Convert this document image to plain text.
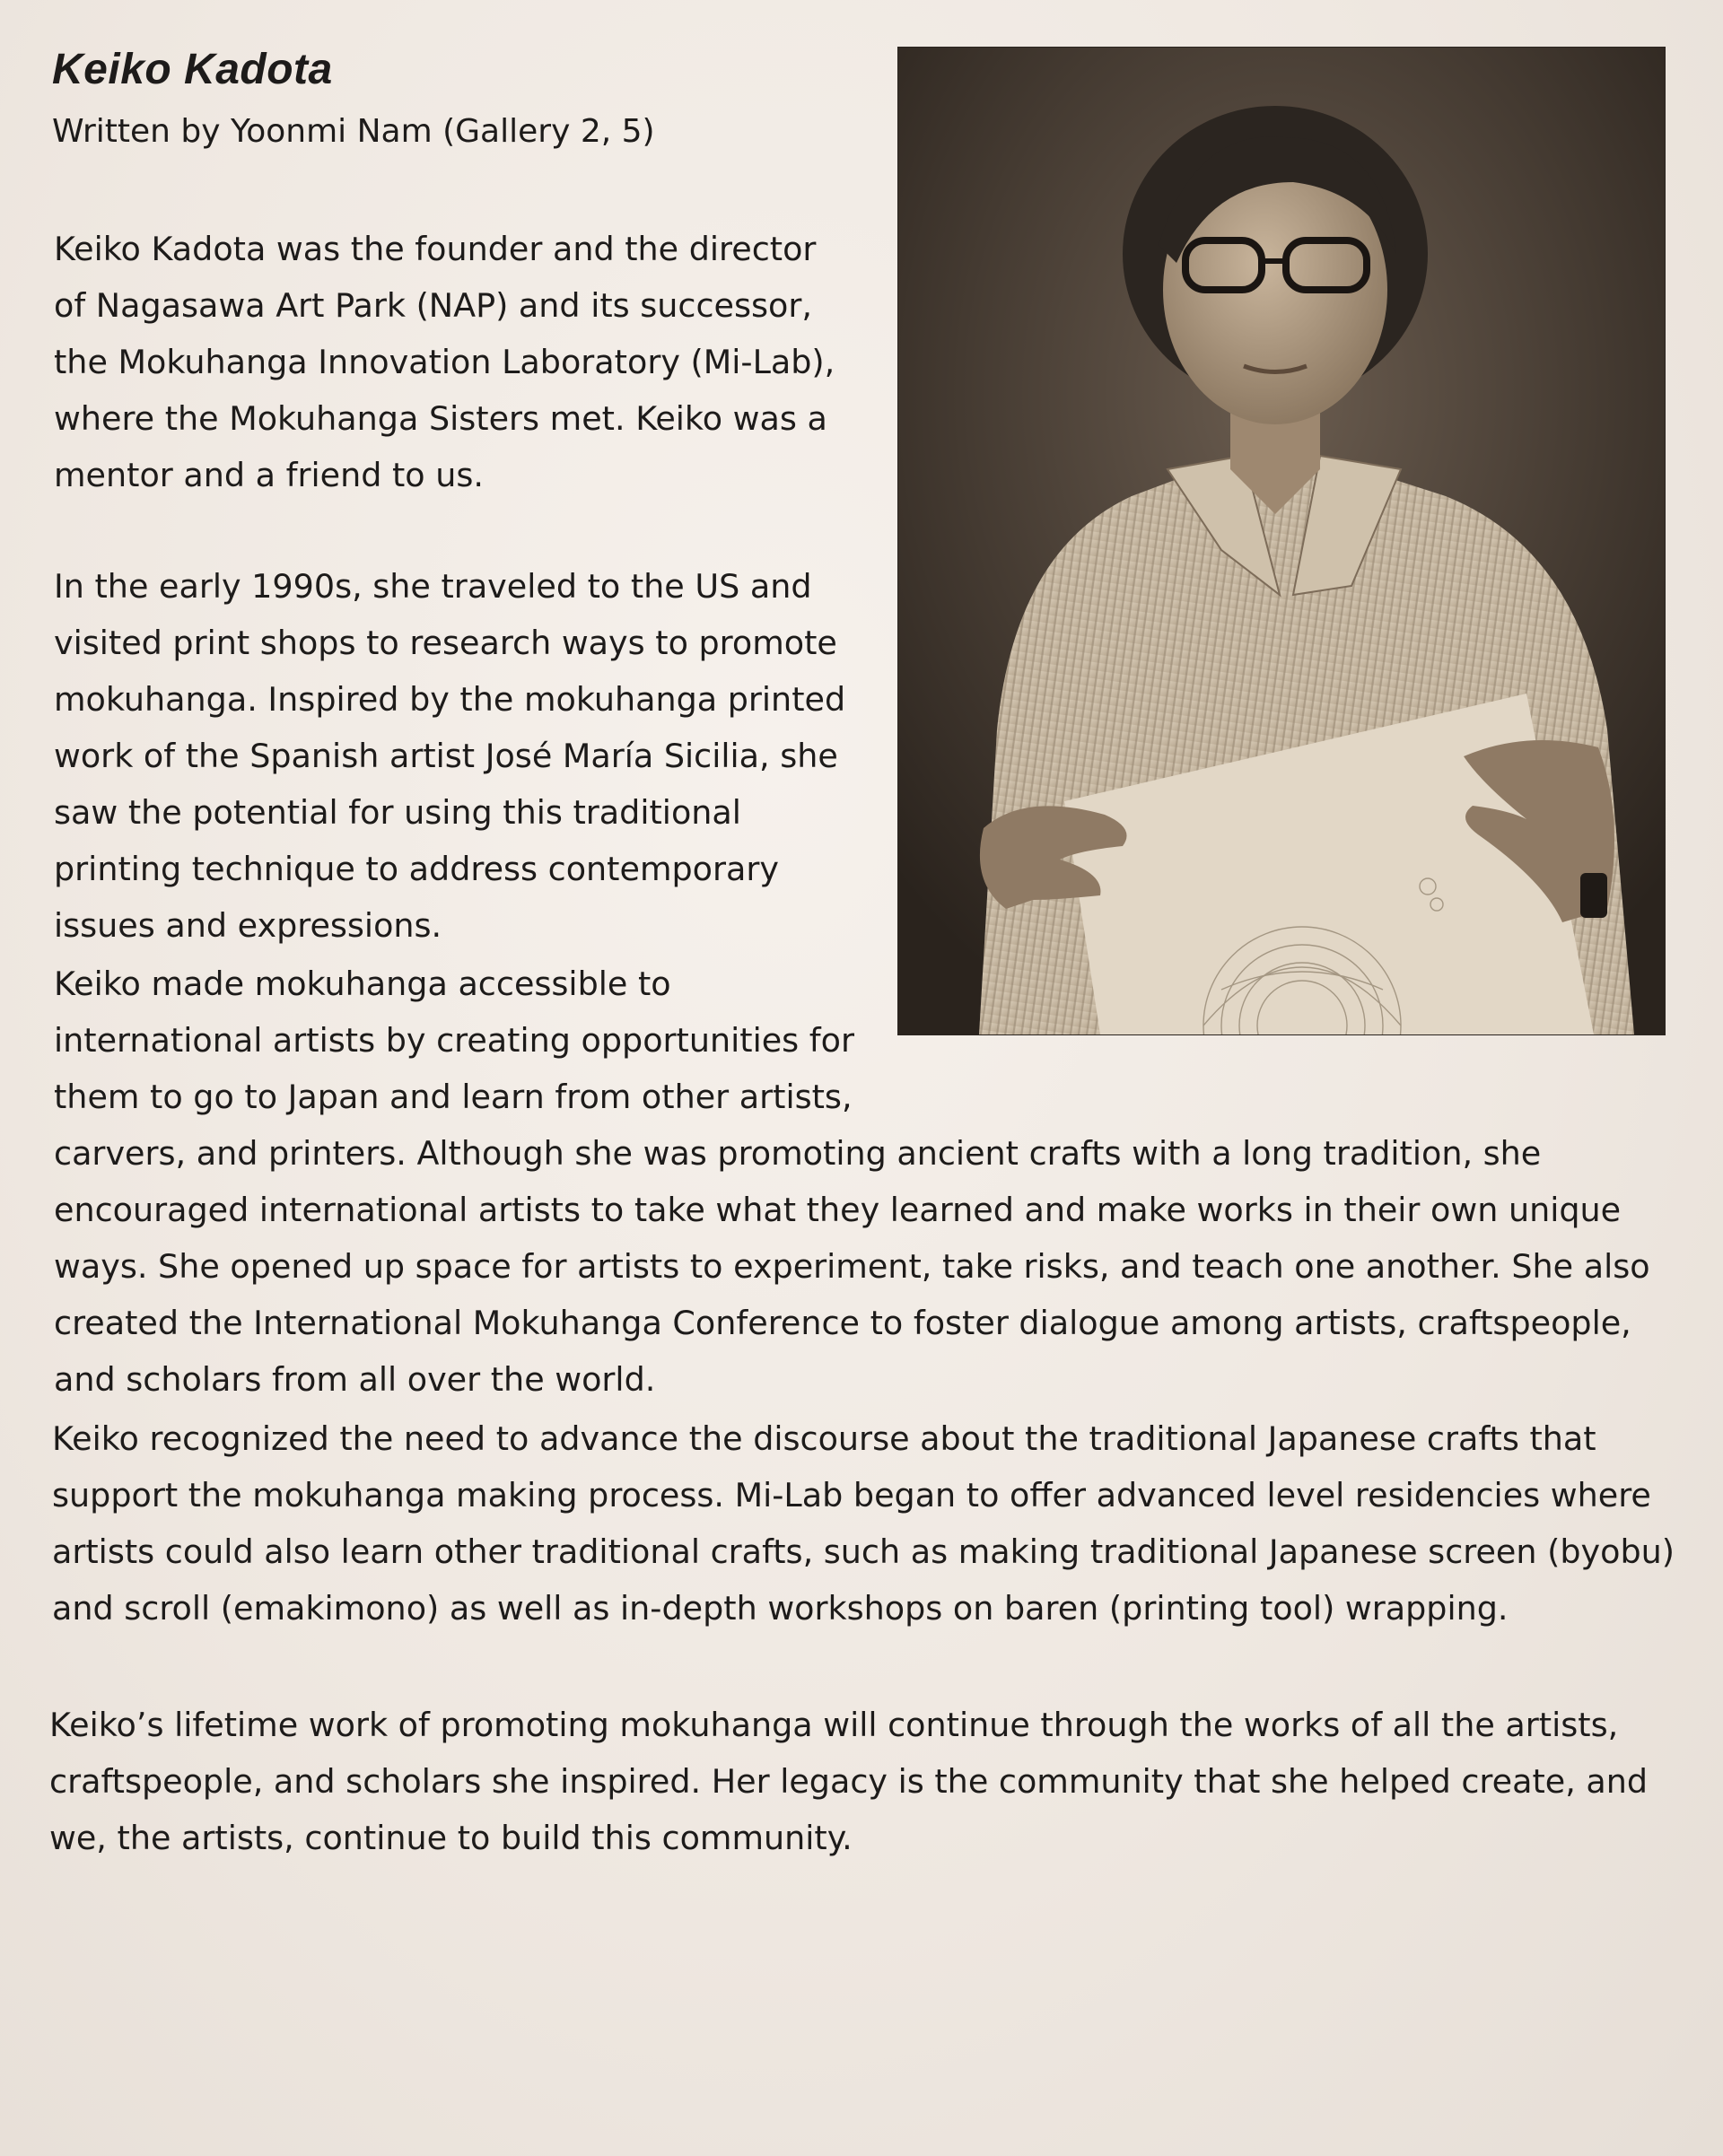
Keiko Kadota

Written by Yoonmi Nam (Gallery 2, 5)

Keiko Kadota was the founder and the director of Nagasawa Art Park (NAP) and its successor, the Mokuhanga Innovation Laboratory (Mi-Lab), where the Mokuhanga Sisters met. Keiko was a mentor and a friend to us.

In the early 1990s, she traveled to the US and visited print shops to research ways to promote mokuhanga. Inspired by the mokuhanga printed work of the Spanish artist José María Sicilia, she saw the potential for using this traditional printing technique to address contemporary issues and expressions.

Keiko made mokuhanga accessible to international artists by creating opportunities for them to go to Japan and learn from other artists,

carvers, and printers. Although she was promoting ancient crafts with a long tradition, she encouraged international artists to take what they learned and make works in their own unique ways. She opened up space for artists to experiment, take risks, and teach one another. She also created the International Mokuhanga Conference to foster dialogue among artists, craftspeople, and scholars from all over the world.

Keiko recognized the need to advance the discourse about the traditional Japanese crafts that support the mokuhanga making process. Mi-Lab began to offer advanced level residencies where artists could also learn other traditional crafts, such as making traditional Japanese screen (byobu) and scroll (emakimono) as well as in-depth workshops on baren (printing tool) wrapping.

Keiko’s lifetime work of promoting mokuhanga will continue through the works of all the artists, craftspeople, and scholars she inspired. Her legacy is the community that she helped create, and we, the artists, continue to build this community.
